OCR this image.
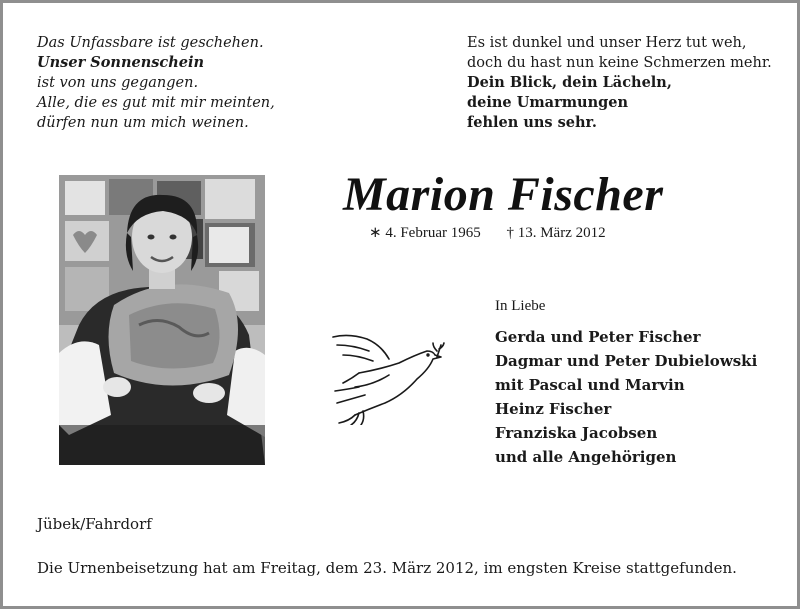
Das Unfassbare ist geschehen.
Unser Sonnenschein
ist von uns gegangen.
Alle, die es gut mit mir meinten,
dürfen nun um mich weinen.
Es ist dunkel und unser Herz tut weh,
doch du hast nun keine Schmerzen mehr.
Dein Blick, dein Lächeln,
deine Umarmungen
fehlen uns sehr.
Marion Fischer
∗ 4. Februar 1965 † 13. März 2012
In Liebe
Gerda und Peter Fischer
Dagmar und Peter Dubielowski
mit Pascal und Marvin
Heinz Fischer
Franziska Jacobsen
und alle Angehörigen
Jübek/Fahrdorf
Die Urnenbeisetzung hat am Freitag, dem 23. März 2012, im engsten Kreise stattgefunden.
